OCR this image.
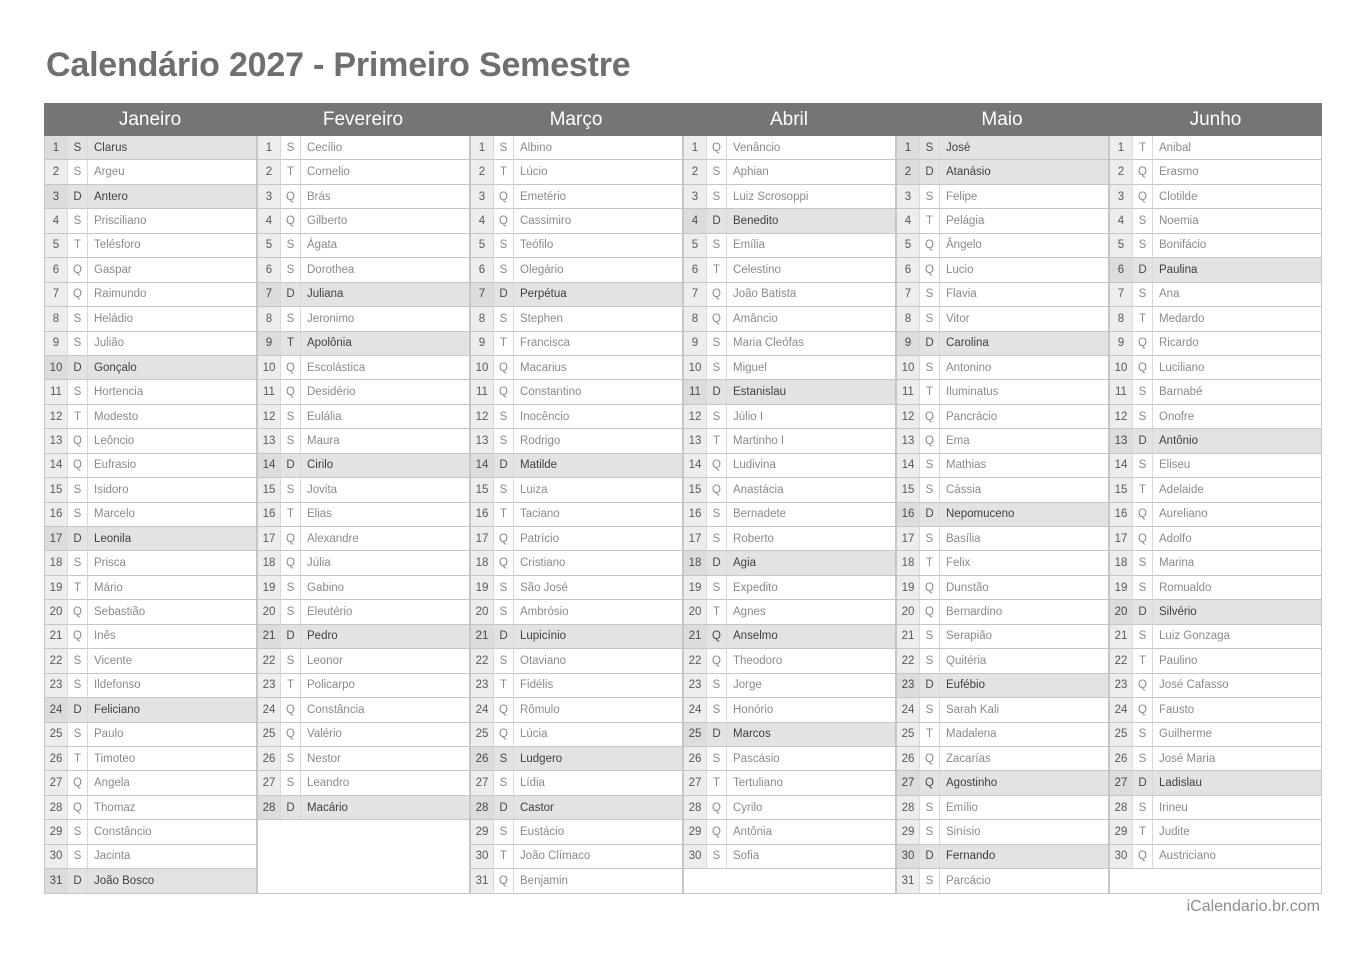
Calendário 2027 - Primeiro Semestre
Janeiro
1	S	Clarus
2	S	Argeu
3	D	Antero
4	S	Prisciliano
5	T	Telésforo
6	Q	Gaspar
7	Q	Raimundo
8	S	Heládio
9	S	Julião
10 D	Gonçalo
11	S	Hortencia
12	T	Modesto
13 Q	Leôncio
14 Q	Eufrasio
15 S	Isidoro
16 S	Marcelo
17 D	Leonila
18 S	Prisca
19	T	Mário
20 Q	Sebastião
21 Q	Inês
22 S	Vicente
23 S	Ildefonso
24 D	Feliciano
25 S	Paulo
26	T	Timoteo
27 Q	Angela
28 Q	Thomaz
29 S	Constâncio
30 S	Jacinta
31 D	João Bosco
Fevereiro
1	S	Cecílio
2	T	Cornelio
3	Q	Brás
4	Q	Gilberto
5	S	Ágata
6	S	Dorothea
7	D	Juliana
8	S	Jeronimo
9	T	Apolônia
10 Q	Escolástica
11 Q	Desidério
12 S	Eulália
13 S	Maura
14 D	Cirilo
15 S	Jovita
16	T	Elias
17 Q	Alexandre
18 Q	Júlia
19 S	Gabino
20 S	Eleutério
21 D	Pedro
22 S	Leonor
23	T	Policarpo
24 Q	Constância
25 Q	Valério
26 S	Nestor
27 S	Leandro
28 D	Macário
Março
1	S	Albino
2	T	Lúcio
3	Q	Emetério
4	Q	Cassimiro
5	S	Teófilo
6	S	Olegário
7	D	Perpétua
8	S	Stephen
9	T	Francisca
10 Q	Macarius
11 Q	Constantino
12 S	Inocêncio
13 S	Rodrigo
14 D	Matilde
15 S	Luiza
16	T	Taciano
17 Q	Patrício
18 Q	Cristiano
19 S	São José
20 S	Ambrósio
21 D	Lupicínio
22 S	Otaviano
23	T	Fidélis
24 Q	Rômulo
25 Q	Lúcia
26 S	Ludgero
27 S	Lídia
28 D	Castor
29 S	Eustácio
30	T	João Clímaco
31 Q	Benjamin
Abril
1	Q	Venâncio
2	S	Aphian
3	S	Luiz Scrosoppi
4	D	Benedito
5	S	Emília
6	T	Celestino
7	Q	João Batista
8	Q	Amâncio
9	S	Maria Cleófas
10 S	Miguel
11 D	Estanislau
12 S	Júlio I
13	T	Martinho I
14 Q	Ludivina
15 Q	Anastácia
16 S	Bernadete
17 S	Roberto
18 D	Agia
19 S	Expedito
20	T	Agnes
21 Q	Anselmo
22 Q	Theodoro
23 S	Jorge
24 S	Honório
25 D	Marcos
26 S	Pascásio
27	T	Tertuliano
28 Q	Cyrilo
29 Q	Antônia
30 S	Sofia
Maio
1	S	José
2	D	Atanásio
3	S	Felipe
4	T	Pelágia
5	Q	Ângelo
6	Q	Lucio
7	S	Flavia
8	S	Vitor
9	D	Carolina
10 S	Antonino
11	T	Iluminatus
12 Q	Pancrácio
13 Q	Ema
14 S	Mathias
15 S	Cássia
16 D	Nepomuceno
17 S	Basília
18	T	Felix
19 Q	Dunstão
20 Q	Bernardino
21 S	Serapião
22 S	Quitéria
23 D	Eufébio
24 S	Sarah Kali
25	T	Madalena
26 Q	Zacarías
27 Q	Agostinho
28 S	Emílio
29 S	Sinísio
30 D	Fernando
31 S	Parcácio
Junho
1	T	Anibal
2	Q	Erasmo
3	Q	Clotilde
4	S	Noemia
5	S	Bonifácio
6	D	Paulina
7	S	Ana
8	T	Medardo
9	Q	Ricardo
10 Q	Luciliano
11	S	Barnabé
12 S	Onofre
13 D	Antônio
14 S	Eliseu
15	T	Adelaide
16 Q	Aureliano
17 Q	Adolfo
18 S	Marina
19 S	Romualdo
20 D	Silvério
21 S	Luiz Gonzaga
22	T	Paulino
23 Q	José Cafasso
24 Q	Fausto
25 S	Guilherme
26 S	José Maria
27 D	Ladislau
28 S	Irineu
29	T	Judite
30 Q	Austriciano
iCalendario.br.com
